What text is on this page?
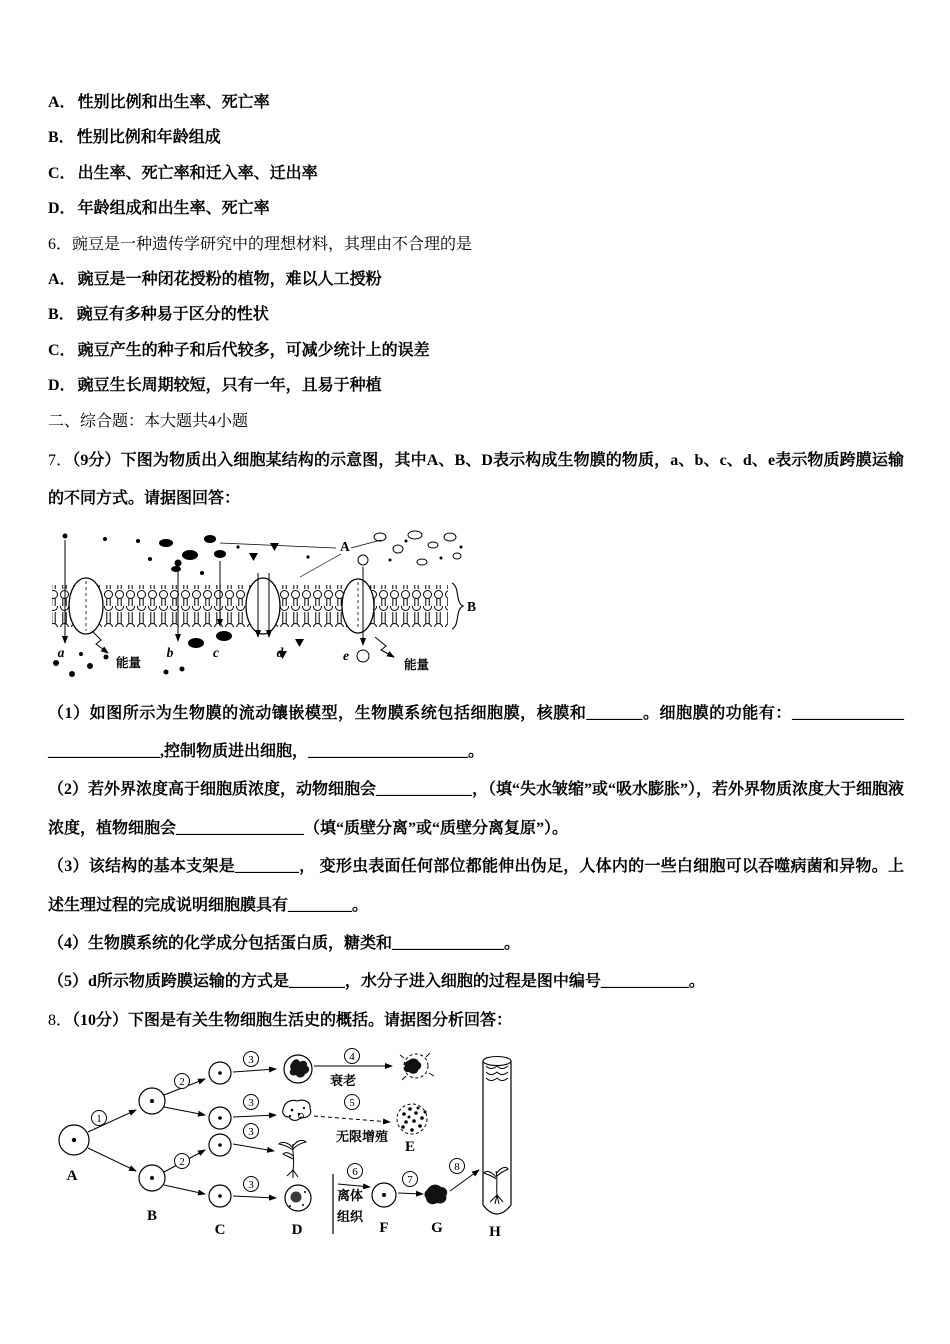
A． 性别比例和出生率、死亡率

B． 性别比例和年龄组成

C． 出生率、死亡率和迁入率、迁出率

D． 年龄组成和出生率、死亡率

6．豌豆是一种遗传学研究中的理想材料，其理由不合理的是

A． 豌豆是一种闭花授粉的植物，难以人工授粉

B． 豌豆有多种易于区分的性状

C． 豌豆产生的种子和后代较多，可减少统计上的误差

D． 豌豆生长周期较短，只有一年，且易于种植

二、综合题：本大题共4小题

7．（9分）下图为物质出入细胞某结构的示意图，其中A、B、D表示构成生物膜的物质，a、b、c、d、e表示物质跨膜运输的不同方式。请据图回答：

A
B
a
能量
b	c	d	e
能量

（1）如图所示为生物膜的流动镶嵌模型，生物膜系统包括细胞膜，核膜和_______。细胞膜的功能有：______________ ______________,控制物质进出细胞，____________________。

（2）若外界浓度高于细胞质浓度，动物细胞会____________，（填“失水皱缩”或“吸水膨胀”），若外界物质浓度大于细胞液浓度，植物细胞会________________（填“质壁分离”或“质壁分离复原”）。

（3）该结构的基本支架是________， 变形虫表面任何部位都能伸出伪足，人体内的一些白细胞可以吞噬病菌和异物。上述生理过程的完成说明细胞膜具有________。

（4）生物膜系统的化学成分包括蛋白质，糖类和______________。

（5）d所示物质跨膜运输的方式是_______，水分子进入细胞的过程是图中编号___________。

8．（10分）下图是有关生物细胞生活史的概括。请据图分析回答：

A
1
B
2
3
3
4
衰老
5
无限增殖
E
2
C
3
3
D
离体
组织
6
F
7
G
8
H
